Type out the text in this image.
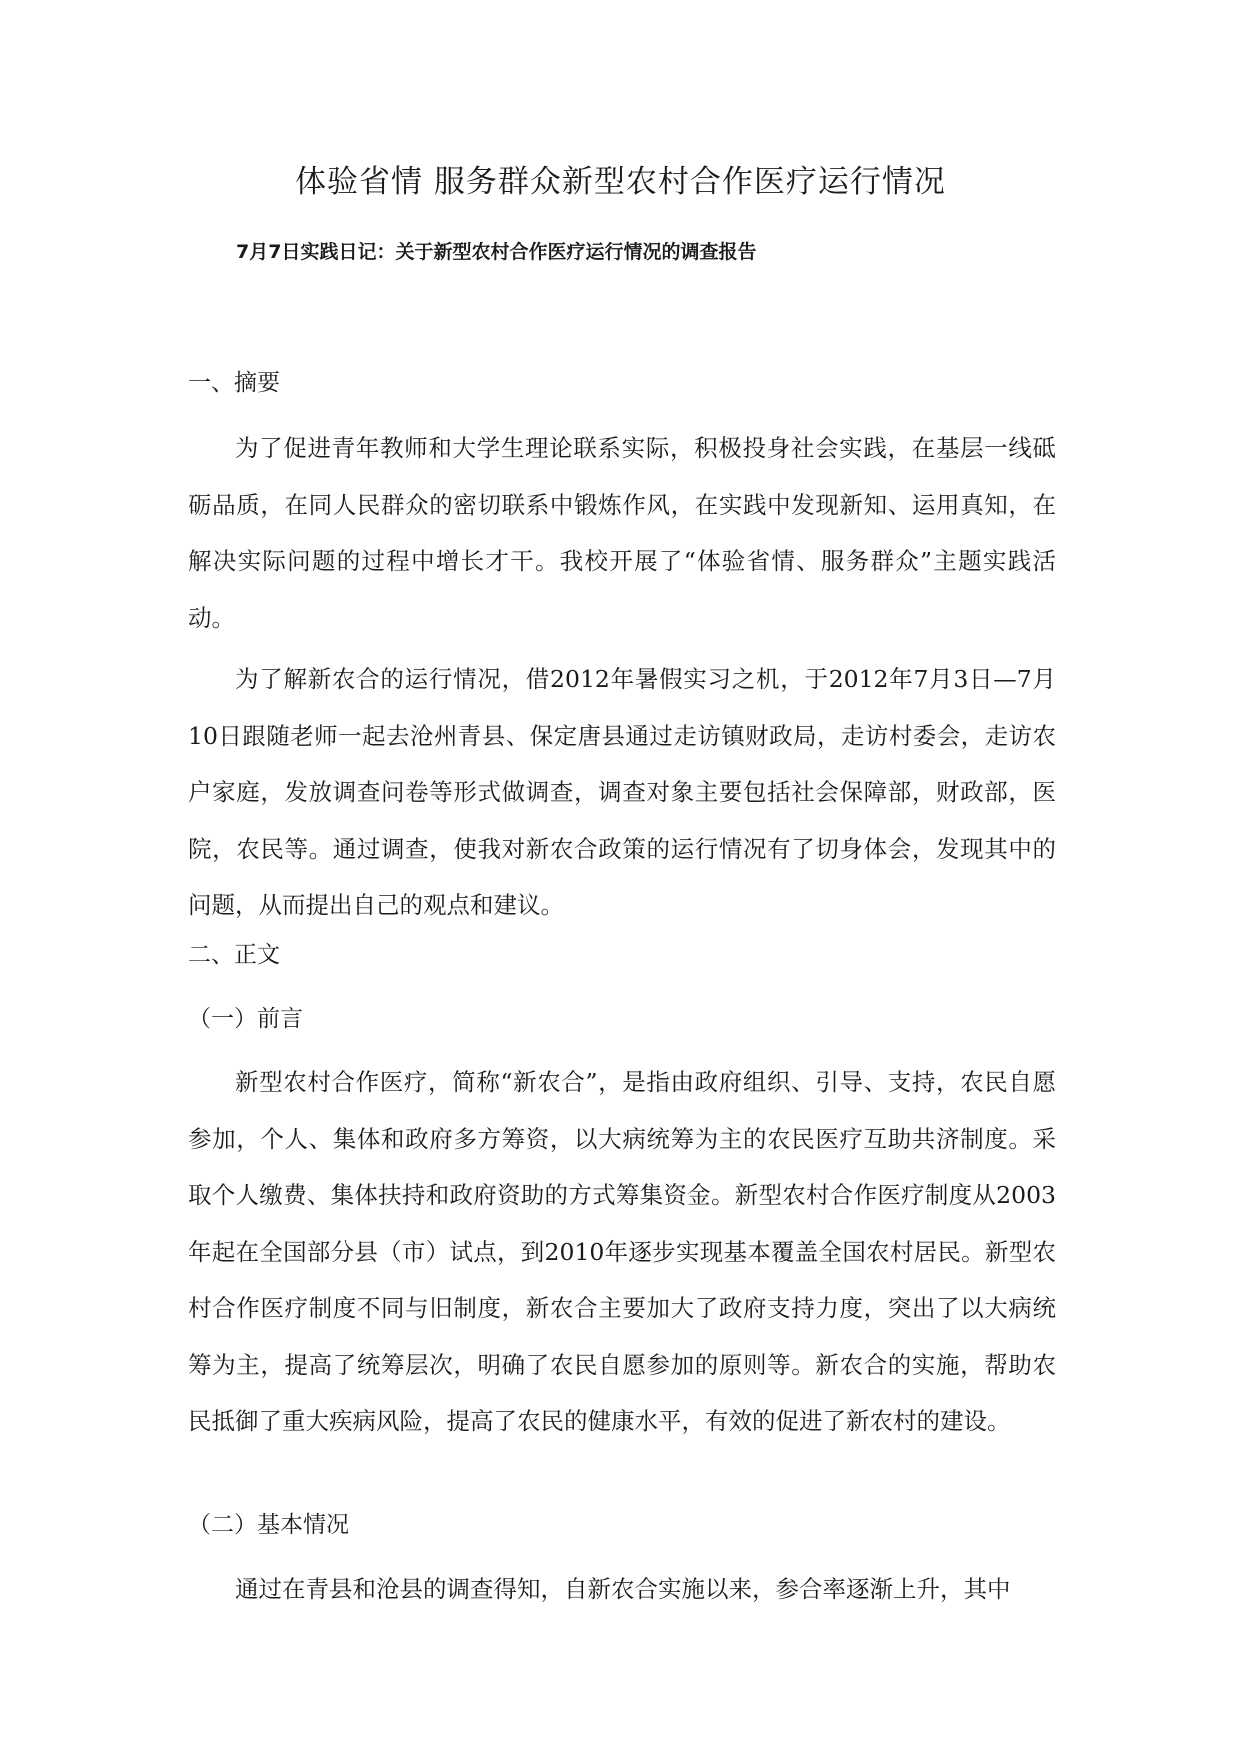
体验省情 服务群众新型农村合作医疗运行情况
7月7日实践日记：关于新型农村合作医疗运行情况的调查报告
一、摘要
为了促进青年教师和大学生理论联系实际，积极投身社会实践，在基层一线砥砺品质，在同人民群众的密切联系中锻炼作风，在实践中发现新知、运用真知，在解决实际问题的过程中增长才干。我校开展了“体验省情、服务群众”主题实践活动。
为了解新农合的运行情况，借2012年暑假实习之机，于2012年7月3日—7月10日跟随老师一起去沧州青县、保定唐县通过走访镇财政局，走访村委会，走访农户家庭，发放调查问卷等形式做调查，调查对象主要包括社会保障部，财政部，医院，农民等。通过调查，使我对新农合政策的运行情况有了切身体会，发现其中的问题，从而提出自己的观点和建议。
二、正文
（一）前言
新型农村合作医疗，简称“新农合”，是指由政府组织、引导、支持，农民自愿参加，个人、集体和政府多方筹资，以大病统筹为主的农民医疗互助共济制度。采取个人缴费、集体扶持和政府资助的方式筹集资金。新型农村合作医疗制度从2003年起在全国部分县（市）试点，到2010年逐步实现基本覆盖全国农村居民。新型农村合作医疗制度不同与旧制度，新农合主要加大了政府支持力度，突出了以大病统筹为主，提高了统筹层次，明确了农民自愿参加的原则等。新农合的实施，帮助农民抵御了重大疾病风险，提高了农民的健康水平，有效的促进了新农村的建设。
（二）基本情况
通过在青县和沧县的调查得知，自新农合实施以来，参合率逐渐上升，其中
